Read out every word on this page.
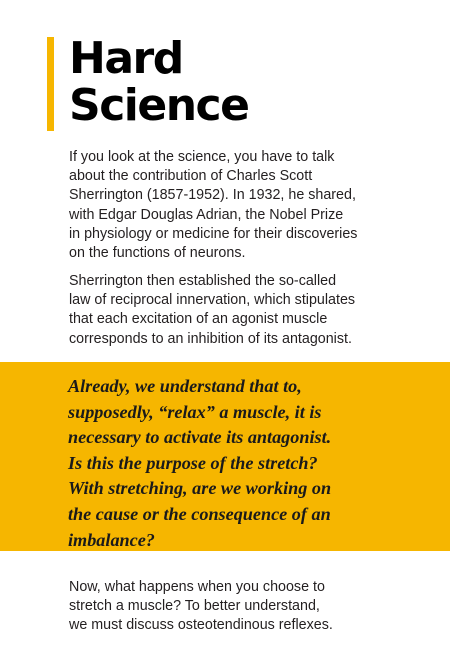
Hard
Science

If you look at the science, you have to talk
about the contribution of Charles Scott
Sherrington (1857-1952). In 1932, he shared,
with Edgar Douglas Adrian, the Nobel Prize
in physiology or medicine for their discoveries
on the functions of neurons.

Sherrington then established the so-called
law of reciprocal innervation, which stipulates
that each excitation of an agonist muscle
corresponds to an inhibition of its antagonist.

Already, we understand that to,
supposedly, “relax” a muscle, it is
necessary to activate its antagonist.
Is this the purpose of the stretch?
With stretching, are we working on
the cause or the consequence of an
imbalance?

Now, what happens when you choose to
stretch a muscle? To better understand,
we must discuss osteotendinous reflexes.
